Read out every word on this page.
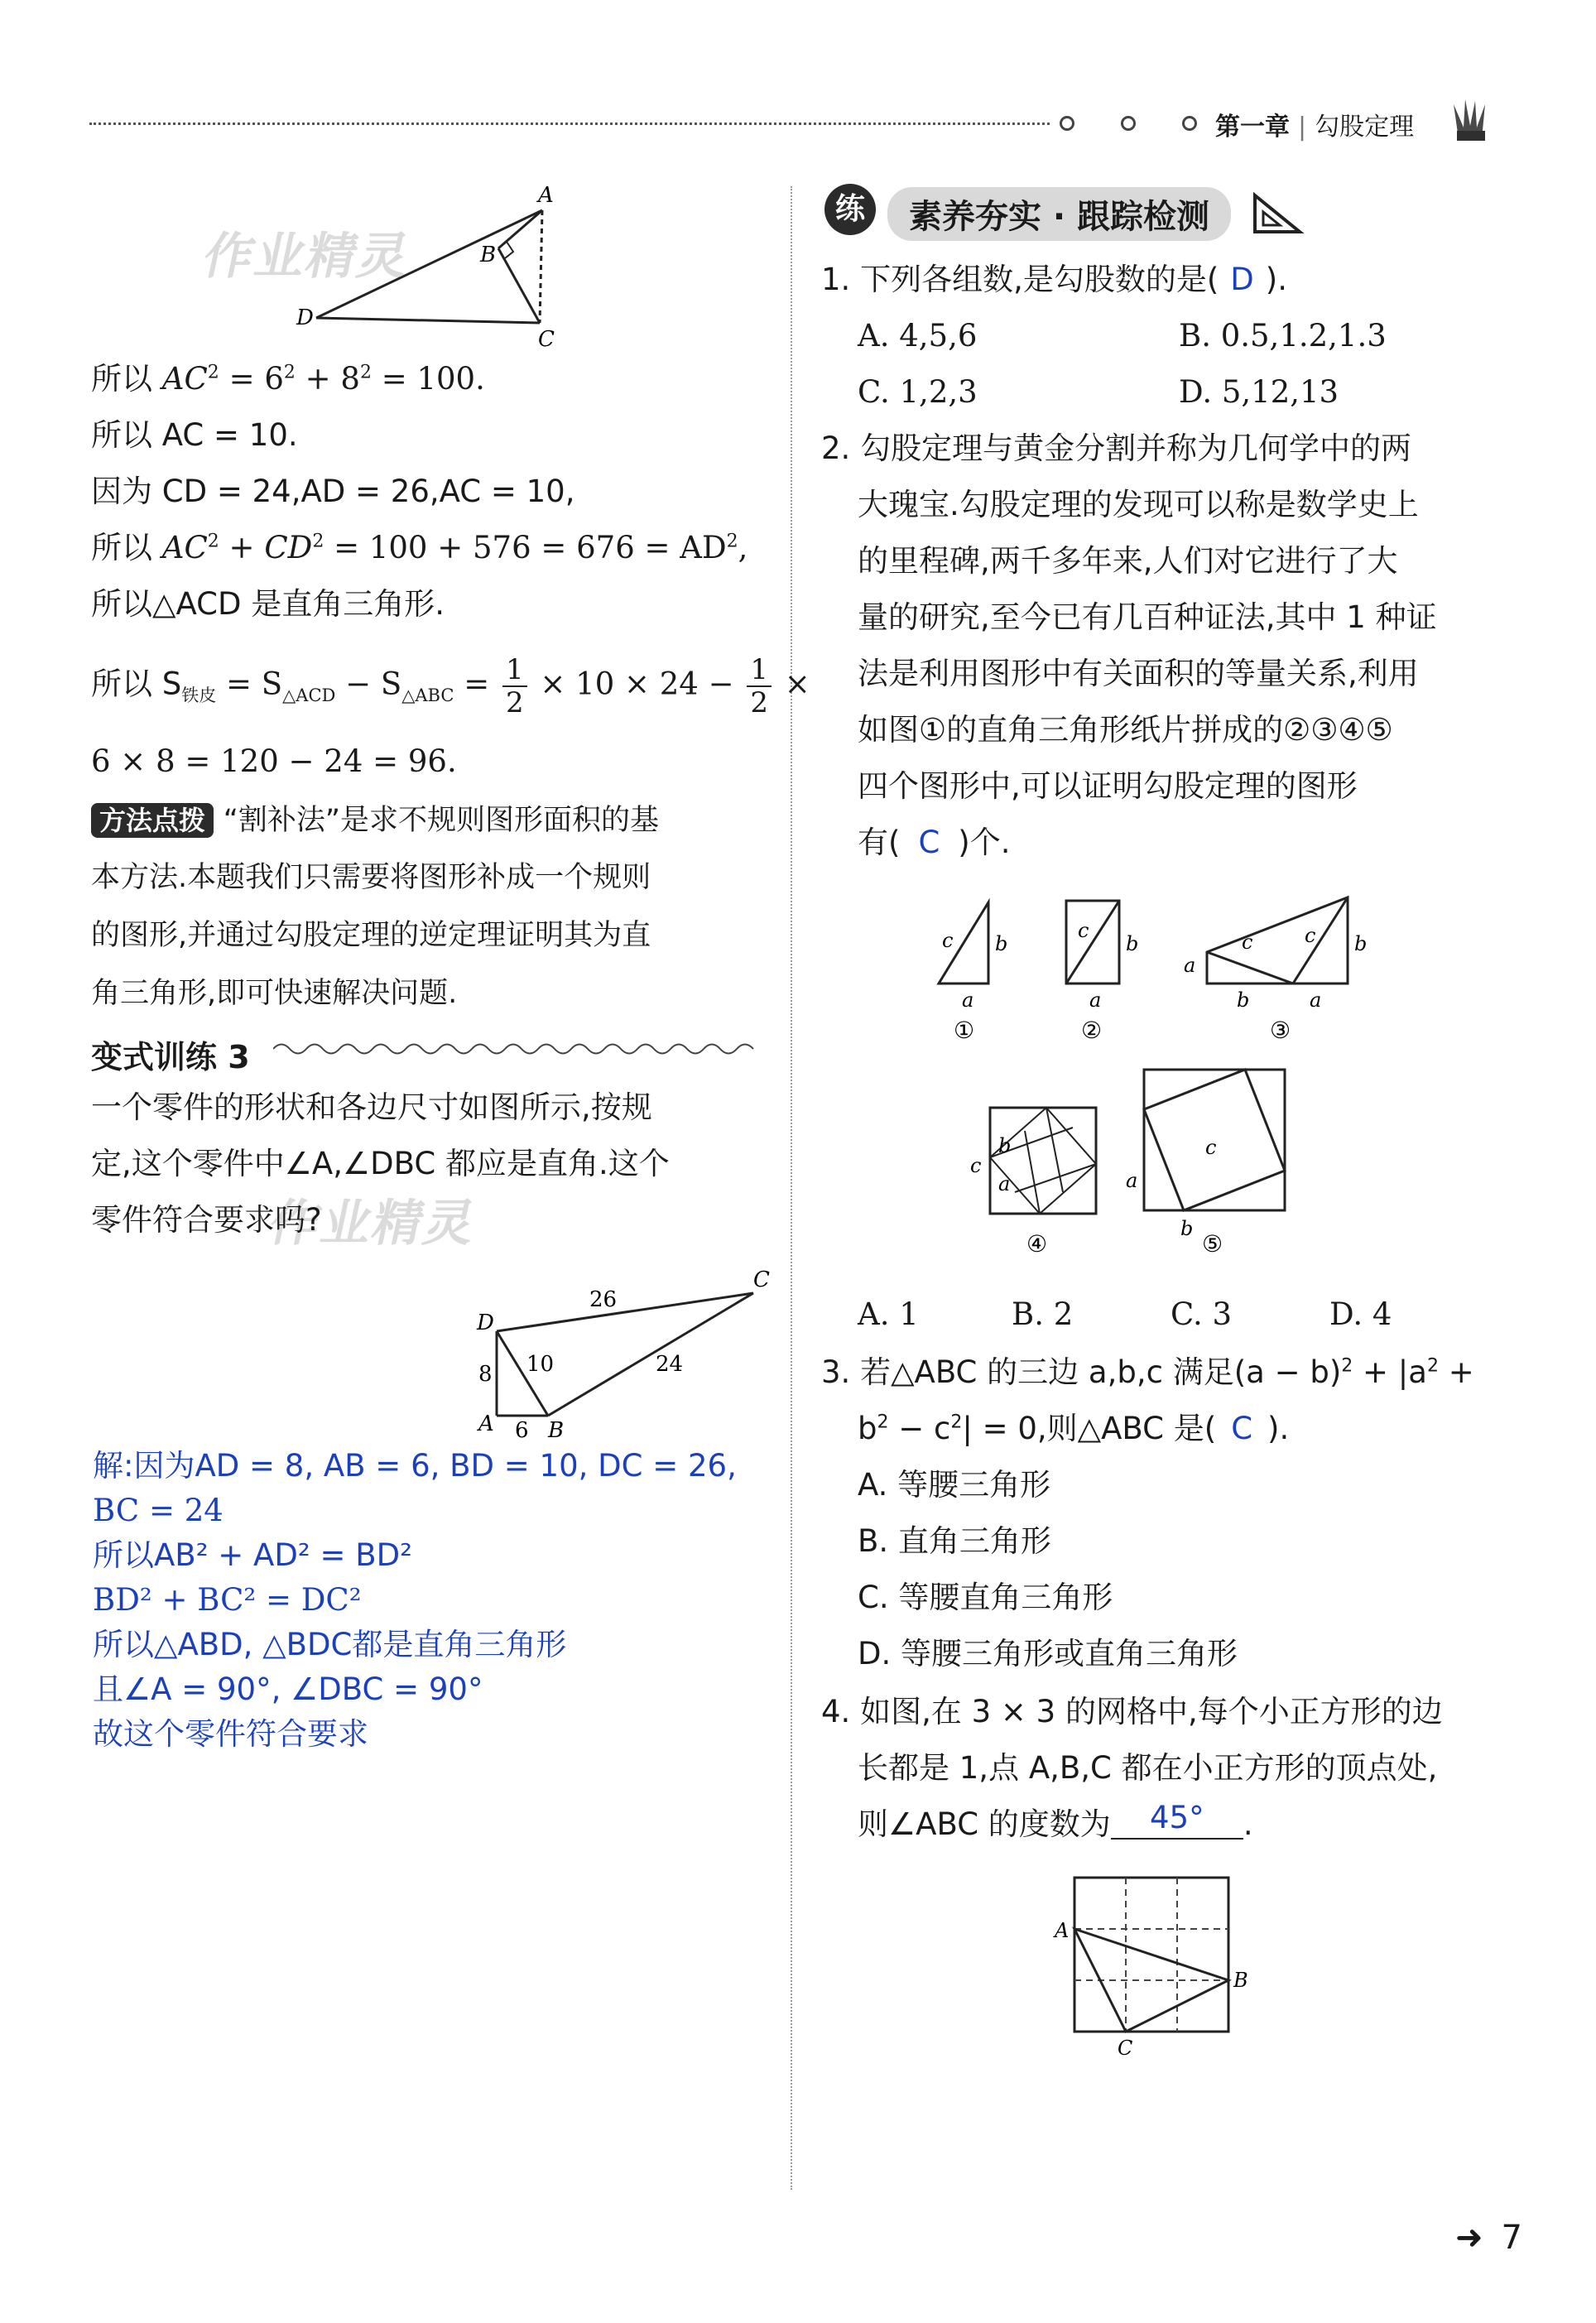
第一章 | 勾股定理
作业精灵
作业精灵
A
B
C
D
所以 $AC^2 = 6^2 + 8^2 = 100$.
所以 AC = 10.
因为 CD = 24,AD = 26,AC = 10,
所以 $AC^2 + CD^2 = 100 + 576 = 676 = AD^2$,
所以△ACD 是直角三角形.
所以 $S_{铁皮} = S_{\triangle ACD} - S_{\triangle ABC} = \frac{1}{2} \times 10 \times 24 - \frac{1}{2}$ ×
6 × 8 = 120 − 24 = 96.
方法点拨 “割补法”是求不规则图形面积的基
本方法.本题我们只需要将图形补成一个规则
的图形,并通过勾股定理的逆定理证明其为直
角三角形,即可快速解决问题.
变式训练 3
一个零件的形状和各边尺寸如图所示,按规
定,这个零件中∠A,∠DBC 都应是直角.这个
零件符合要求吗?
D
C
A	B
26
24
10
8
6
解:因为AD = 8, AB = 6, BD = 10, DC = 26,
BC = 24
所以AB² + AD² = BD²
BD² + BC² = DC²
所以△ABD, △BDC都是直角三角形
且∠A = 90°, ∠DBC = 90°
故这个零件符合要求
练	素养夯实 · 跟踪检测
1. 下列各组数,是勾股数的是( D ).
A. 4,5,6	B. 0.5,1.2,1.3
C. 1,2,3	D. 5,12,13
2. 勾股定理与黄金分割并称为几何学中的两
大瑰宝.勾股定理的发现可以称是数学史上
的里程碑,两千多年来,人们对它进行了大
量的研究,至今已有几百种证法,其中 1 种证
法是利用图形中有关面积的等量关系,利用
如图①的直角三角形纸片拼成的②③④⑤
四个图形中,可以证明勾股定理的图形
有( C )个.
c b
a
①
c
b
a
②
a
c	c b
b	a
③
c
b
a
④
a
b
c
⑤
A. 1	B. 2	C. 3	D. 4
3. 若△ABC 的三边 a,b,c 满足$(a - b)^2 + |a^2$ +
$b^2 - c^2| = 0$,则△ABC 是( C ).
A. 等腰三角形
B. 直角三角形
C. 等腰直角三角形
D. 等腰三角形或直角三角形
4. 如图,在 3 × 3 的网格中,每个小正方形的边
长都是 1,点 A,B,C 都在小正方形的顶点处,
则∠ABC 的度数为 45° .
A
B
C
➜ 7
